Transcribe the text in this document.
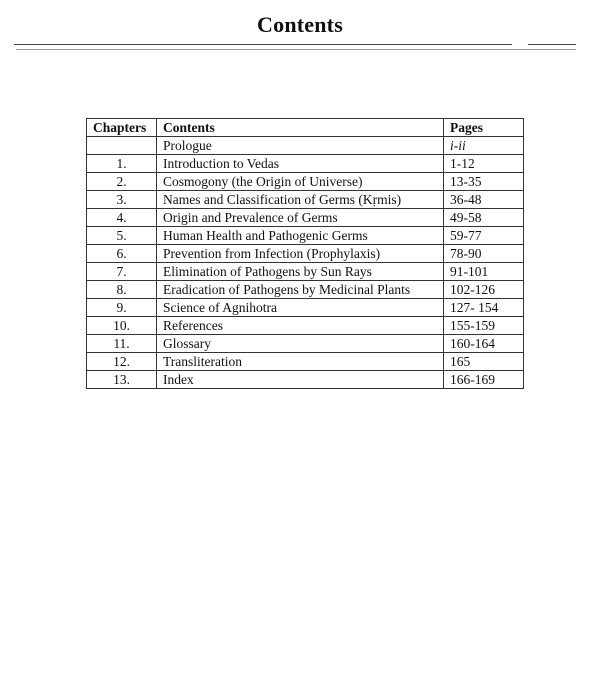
Contents
Chapters	Contents	Pages
	Prologue	i-ii
1.	Introduction to Vedas	1-12
2.	Cosmogony (the Origin of Universe)	13-35
3.	Names and Classification of Germs (Kṛmis)	36-48
4.	Origin and Prevalence of Germs	49-58
5.	Human Health and Pathogenic Germs	59-77
6.	Prevention from Infection (Prophylaxis)	78-90
7.	Elimination of Pathogens by Sun Rays	91-101
8.	Eradication of Pathogens by Medicinal Plants	102-126
9.	Science of Agnihotra	127- 154
10.	References	155-159
11.	Glossary	160-164
12.	Transliteration	165
13.	Index	166-169
